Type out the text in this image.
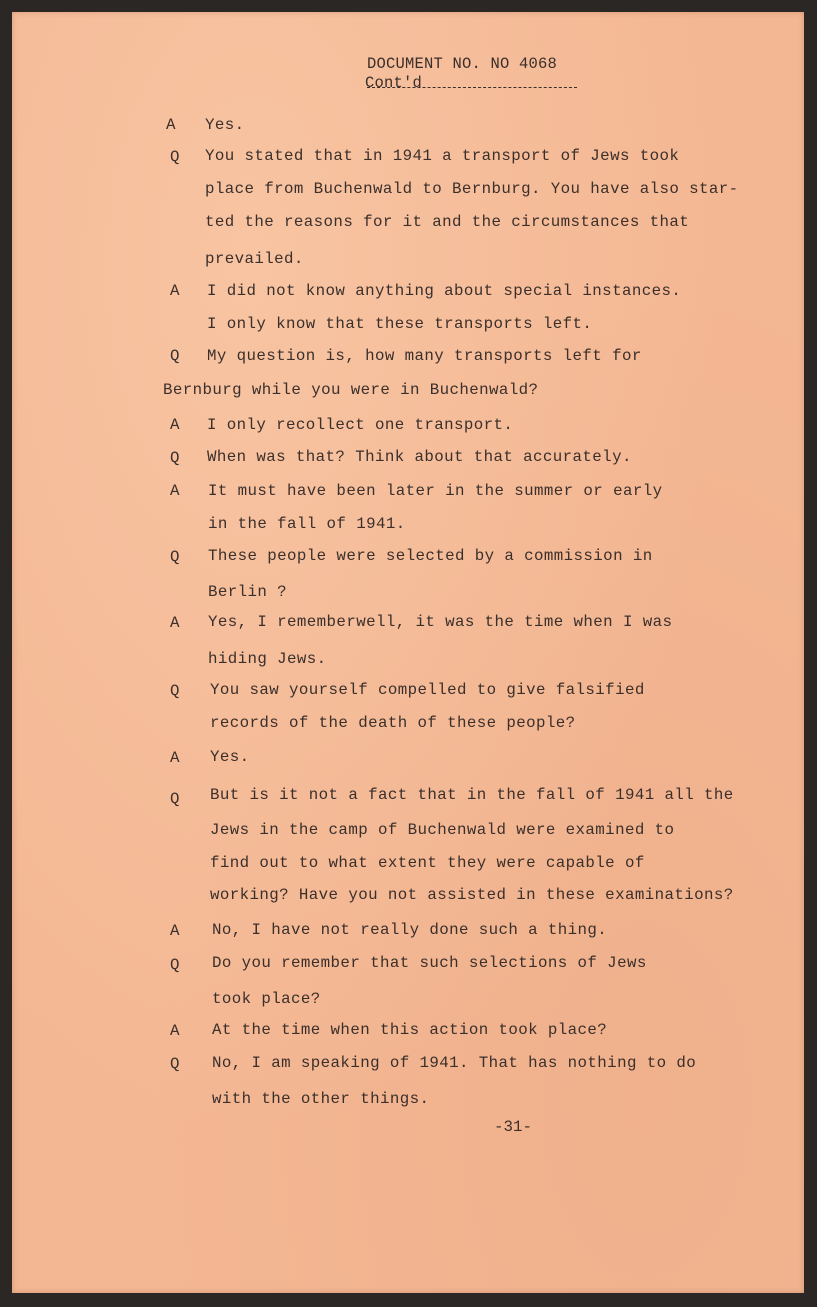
DOCUMENT NO. NO 4068
Cont'd
A Yes.
Q You stated that in 1941 a transport of Jews took
place from Buchenwald to Bernburg. You have also star-
ted the reasons for it and the circumstances that
prevailed.
A I did not know anything about special instances.
I only know that these transports left.
Q My question is, how many transports left for
Bernburg while you were in Buchenwald?
A I only recollect one transport.
Q When was that? Think about that accurately.
A It must have been later in the summer or early
in the fall of 1941.
Q These people were selected by a commission in
Berlin ?
A Yes, I rememberwell, it was the time when I was
hiding Jews.
Q You saw yourself compelled to give falsified
records of the death of these people?
A Yes.
Q But is it not a fact that in the fall of 1941 all the
Jews in the camp of Buchenwald were examined to
find out to what extent they were capable of
working? Have you not assisted in these examinations?
A No, I have not really done such a thing.
Q Do you remember that such selections of Jews
took place?
A At the time when this action took place?
Q No, I am speaking of 1941. That has nothing to do
with the other things.
-31-
